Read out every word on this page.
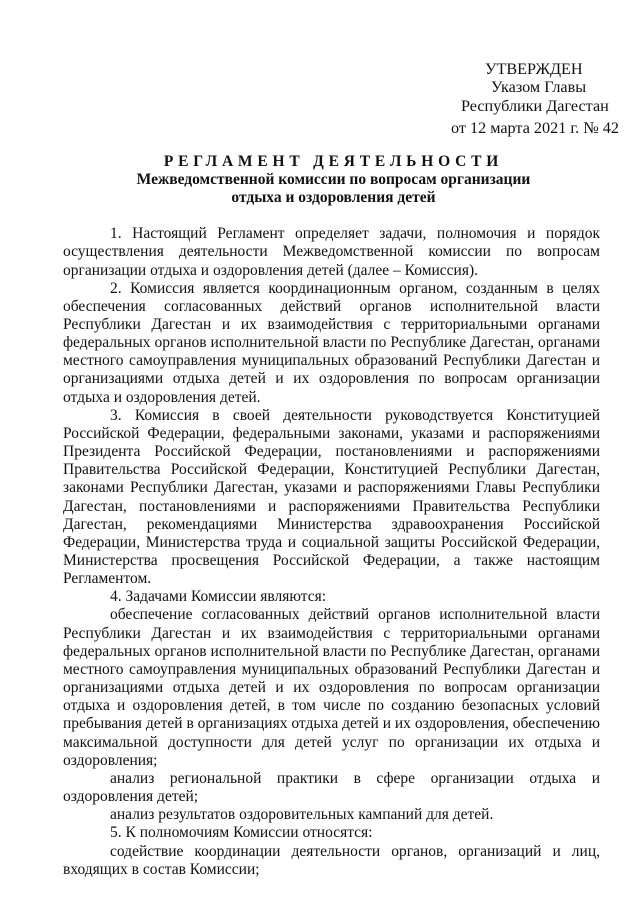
УТВЕРЖДЕН
Указом Главы
Республики Дагестан
от 12 марта 2021 г. № 42
РЕГЛАМЕНТ ДЕЯТЕЛЬНОСТИ
Межведомственной комиссии по вопросам организации
отдыха и оздоровления детей

1. Настоящий Регламент определяет задачи, полномочия и порядок осуществления деятельности Межведомственной комиссии по вопросам организации отдыха и оздоровления детей (далее – Комиссия).

2. Комиссия является координационным органом, созданным в целях обеспечения согласованных действий органов исполнительной власти Республики Дагестан и их взаимодействия с территориальными органами федеральных органов исполнительной власти по Республике Дагестан, органами местного самоуправления муниципальных образований Республики Дагестан и организациями отдыха детей и их оздоровления по вопросам организации отдыха и оздоровления детей.

3. Комиссия в своей деятельности руководствуется Конституцией Российской Федерации, федеральными законами, указами и распоряжениями Президента Российской Федерации, постановлениями и распоряжениями Правительства Российской Федерации, Конституцией Республики Дагестан, законами Республики Дагестан, указами и распоряжениями Главы Республики Дагестан, постановлениями и распоряжениями Правительства Республики Дагестан, рекомендациями Министерства здравоохранения Российской Федерации, Министерства труда и социальной защиты Российской Федерации, Министерства просвещения Российской Федерации, а также настоящим Регламентом.

4. Задачами Комиссии являются:

обеспечение согласованных действий органов исполнительной власти Республики Дагестан и их взаимодействия с территориальными органами федеральных органов исполнительной власти по Республике Дагестан, органами местного самоуправления муниципальных образований Республики Дагестан и организациями отдыха детей и их оздоровления по вопросам организации отдыха и оздоровления детей, в том числе по созданию безопасных условий пребывания детей в организациях отдыха детей и их оздоровления, обеспечению максимальной доступности для детей услуг по организации их отдыха и оздоровления;

анализ региональной практики в сфере организации отдыха и оздоровления детей;

анализ результатов оздоровительных кампаний для детей.

5. К полномочиям Комиссии относятся:

содействие координации деятельности органов, организаций и лиц, входящих в состав Комиссии;
